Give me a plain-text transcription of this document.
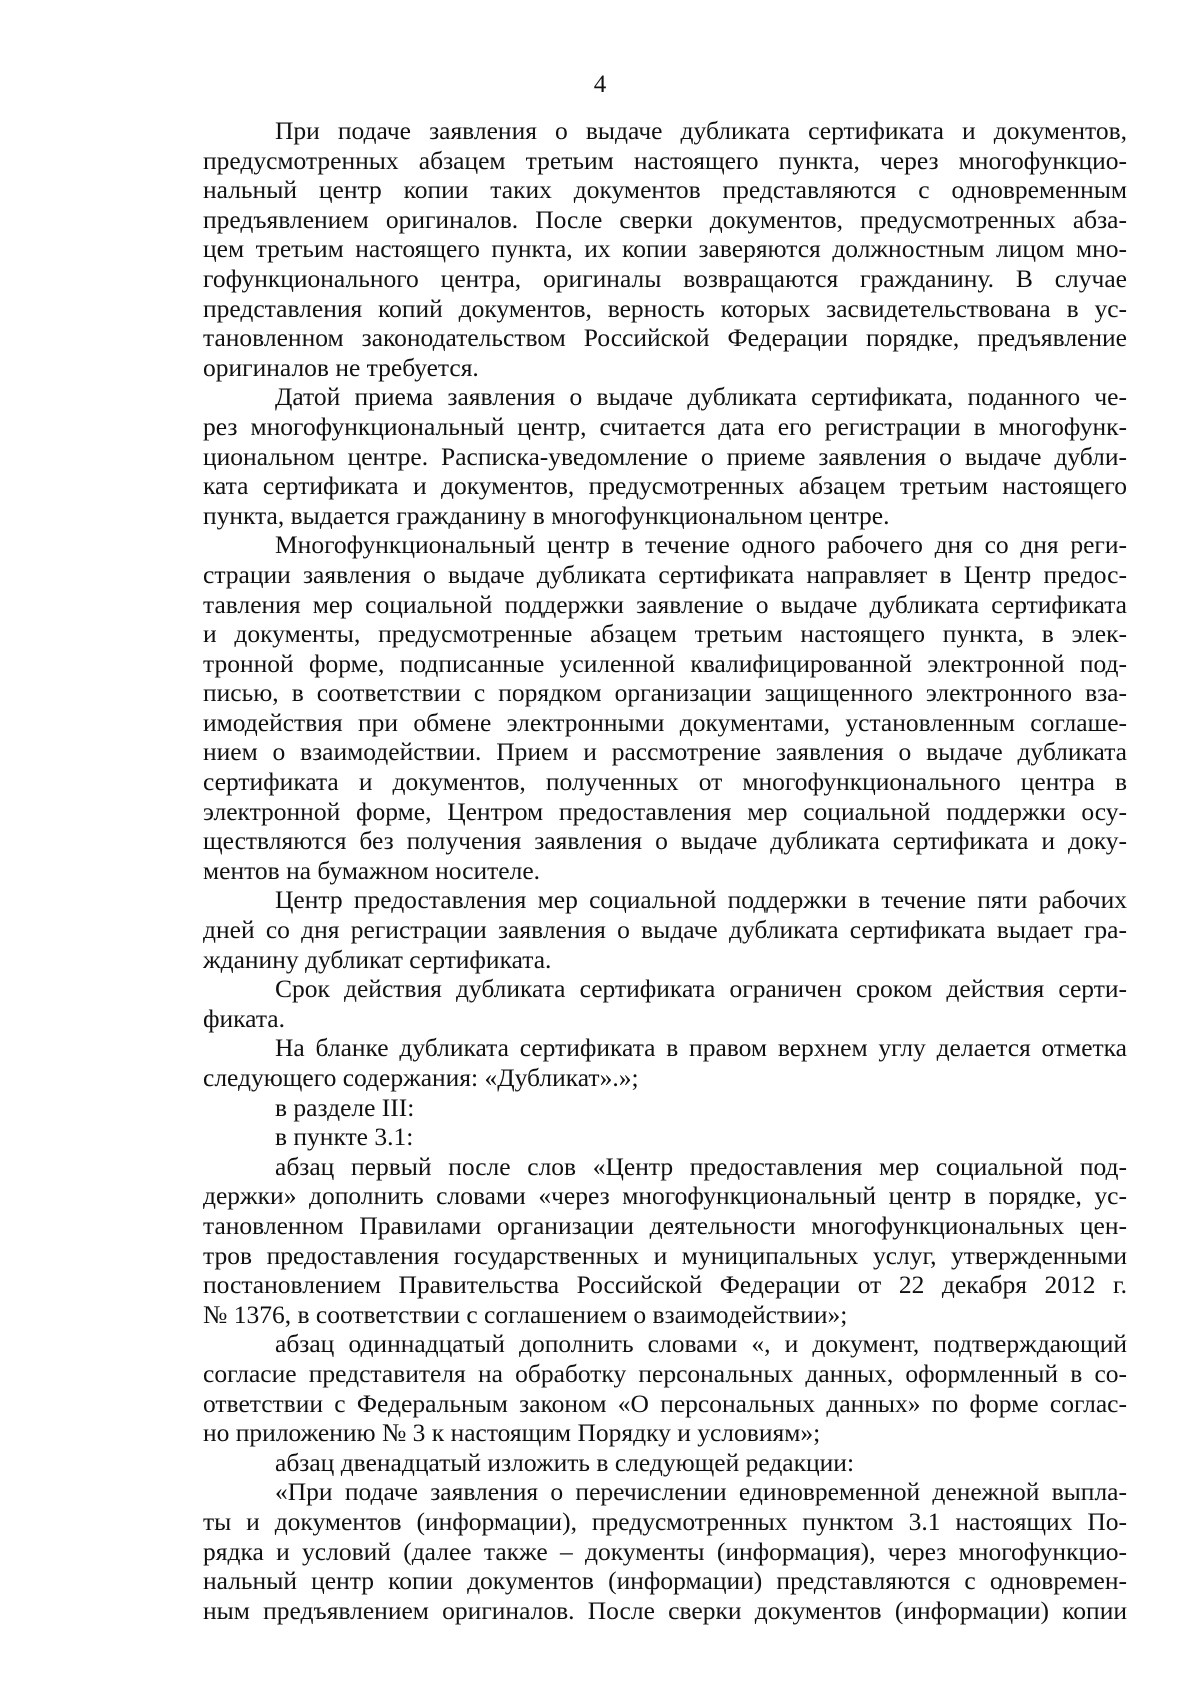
4
При подаче заявления о выдаче дубликата сертификата и документов,
предусмотренных абзацем третьим настоящего пункта, через многофункцио-
нальный центр копии таких документов представляются с одновременным
предъявлением оригиналов. После сверки документов, предусмотренных абза-
цем третьим настоящего пункта, их копии заверяются должностным лицом мно-
гофункционального центра, оригиналы возвращаются гражданину. В случае
представления копий документов, верность которых засвидетельствована в ус-
тановленном законодательством Российской Федерации порядке, предъявление
оригиналов не требуется.
Датой приема заявления о выдаче дубликата сертификата, поданного че-
рез многофункциональный центр, считается дата его регистрации в многофунк-
циональном центре. Расписка-уведомление о приеме заявления о выдаче дубли-
ката сертификата и документов, предусмотренных абзацем третьим настоящего
пункта, выдается гражданину в многофункциональном центре.
Многофункциональный центр в течение одного рабочего дня со дня реги-
страции заявления о выдаче дубликата сертификата направляет в Центр предос-
тавления мер социальной поддержки заявление о выдаче дубликата сертификата
и документы, предусмотренные абзацем третьим настоящего пункта, в элек-
тронной форме, подписанные усиленной квалифицированной электронной под-
писью, в соответствии с порядком организации защищенного электронного вза-
имодействия при обмене электронными документами, установленным соглаше-
нием о взаимодействии. Прием и рассмотрение заявления о выдаче дубликата
сертификата и документов, полученных от многофункционального центра в
электронной форме, Центром предоставления мер социальной поддержки осу-
ществляются без получения заявления о выдаче дубликата сертификата и доку-
ментов на бумажном носителе.
Центр предоставления мер социальной поддержки в течение пяти рабочих
дней со дня регистрации заявления о выдаче дубликата сертификата выдает гра-
жданину дубликат сертификата.
Срок действия дубликата сертификата ограничен сроком действия серти-
фиката.
На бланке дубликата сертификата в правом верхнем углу делается отметка
следующего содержания: «Дубликат».»;
в разделе III:
в пункте 3.1:
абзац первый после слов «Центр предоставления мер социальной под-
держки» дополнить словами «через многофункциональный центр в порядке, ус-
тановленном Правилами организации деятельности многофункциональных цен-
тров предоставления государственных и муниципальных услуг, утвержденными
постановлением Правительства Российской Федерации от 22 декабря 2012 г.
№ 1376, в соответствии с соглашением о взаимодействии»;
абзац одиннадцатый дополнить словами «, и документ, подтверждающий
согласие представителя на обработку персональных данных, оформленный в со-
ответствии с Федеральным законом «О персональных данных» по форме соглас-
но приложению № 3 к настоящим Порядку и условиям»;
абзац двенадцатый изложить в следующей редакции:
«При подаче заявления о перечислении единовременной денежной выпла-
ты и документов (информации), предусмотренных пунктом 3.1 настоящих По-
рядка и условий (далее также – документы (информация), через многофункцио-
нальный центр копии документов (информации) представляются с одновремен-
ным предъявлением оригиналов. После сверки документов (информации) копии
